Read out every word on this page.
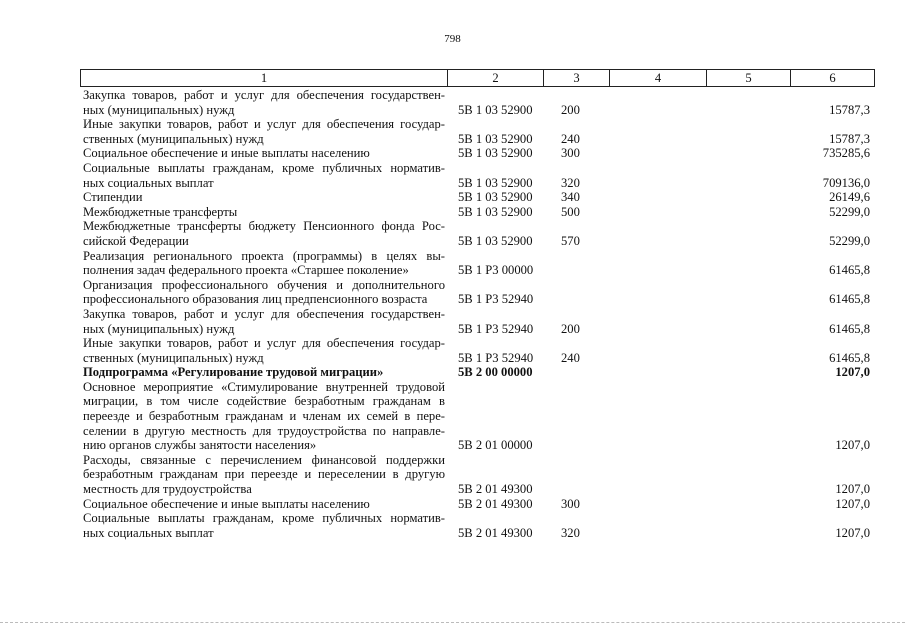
798
1	2	3	4	5	6
Закупка товаров, работ и услуг для обеспечения государствен-
ных (муниципальных) нужд	5В 1 03 52900	200	15787,3
Иные закупки товаров, работ и услуг для обеспечения государ-
ственных (муниципальных) нужд	5В 1 03 52900	240	15787,3
Социальное обеспечение и иные выплаты населению	5В 1 03 52900	300	735285,6
Социальные выплаты гражданам, кроме публичных норматив-
ных социальных выплат	5В 1 03 52900	320	709136,0
Стипендии	5В 1 03 52900	340	26149,6
Межбюджетные трансферты	5В 1 03 52900	500	52299,0
Межбюджетные трансферты бюджету Пенсионного фонда Рос-
сийской Федерации	5В 1 03 52900	570	52299,0
Реализация регионального проекта (программы) в целях вы-
полнения задач федерального проекта «Старшее поколение»	5В 1 Р3 00000	61465,8
Организация профессионального обучения и дополнительного
профессионального образования лиц предпенсионного возраста	5В 1 Р3 52940	61465,8
Закупка товаров, работ и услуг для обеспечения государствен-
ных (муниципальных) нужд	5В 1 Р3 52940	200	61465,8
Иные закупки товаров, работ и услуг для обеспечения государ-
ственных (муниципальных) нужд	5В 1 Р3 52940	240	61465,8
Подпрограмма «Регулирование трудовой миграции»	5В 2 00 00000	1207,0
Основное мероприятие «Стимулирование внутренней трудовой
миграции, в том числе содействие безработным гражданам в
переезде и безработным гражданам и членам их семей в пере-
селении в другую местность для трудоустройства по направле-
нию органов службы занятости населения»	5В 2 01 00000	1207,0
Расходы, связанные с перечислением финансовой поддержки
безработным гражданам при переезде и переселении в другую
местность для трудоустройства	5В 2 01 49300	1207,0
Социальное обеспечение и иные выплаты населению	5В 2 01 49300	300	1207,0
Социальные выплаты гражданам, кроме публичных норматив-
ных социальных выплат	5В 2 01 49300	320	1207,0
